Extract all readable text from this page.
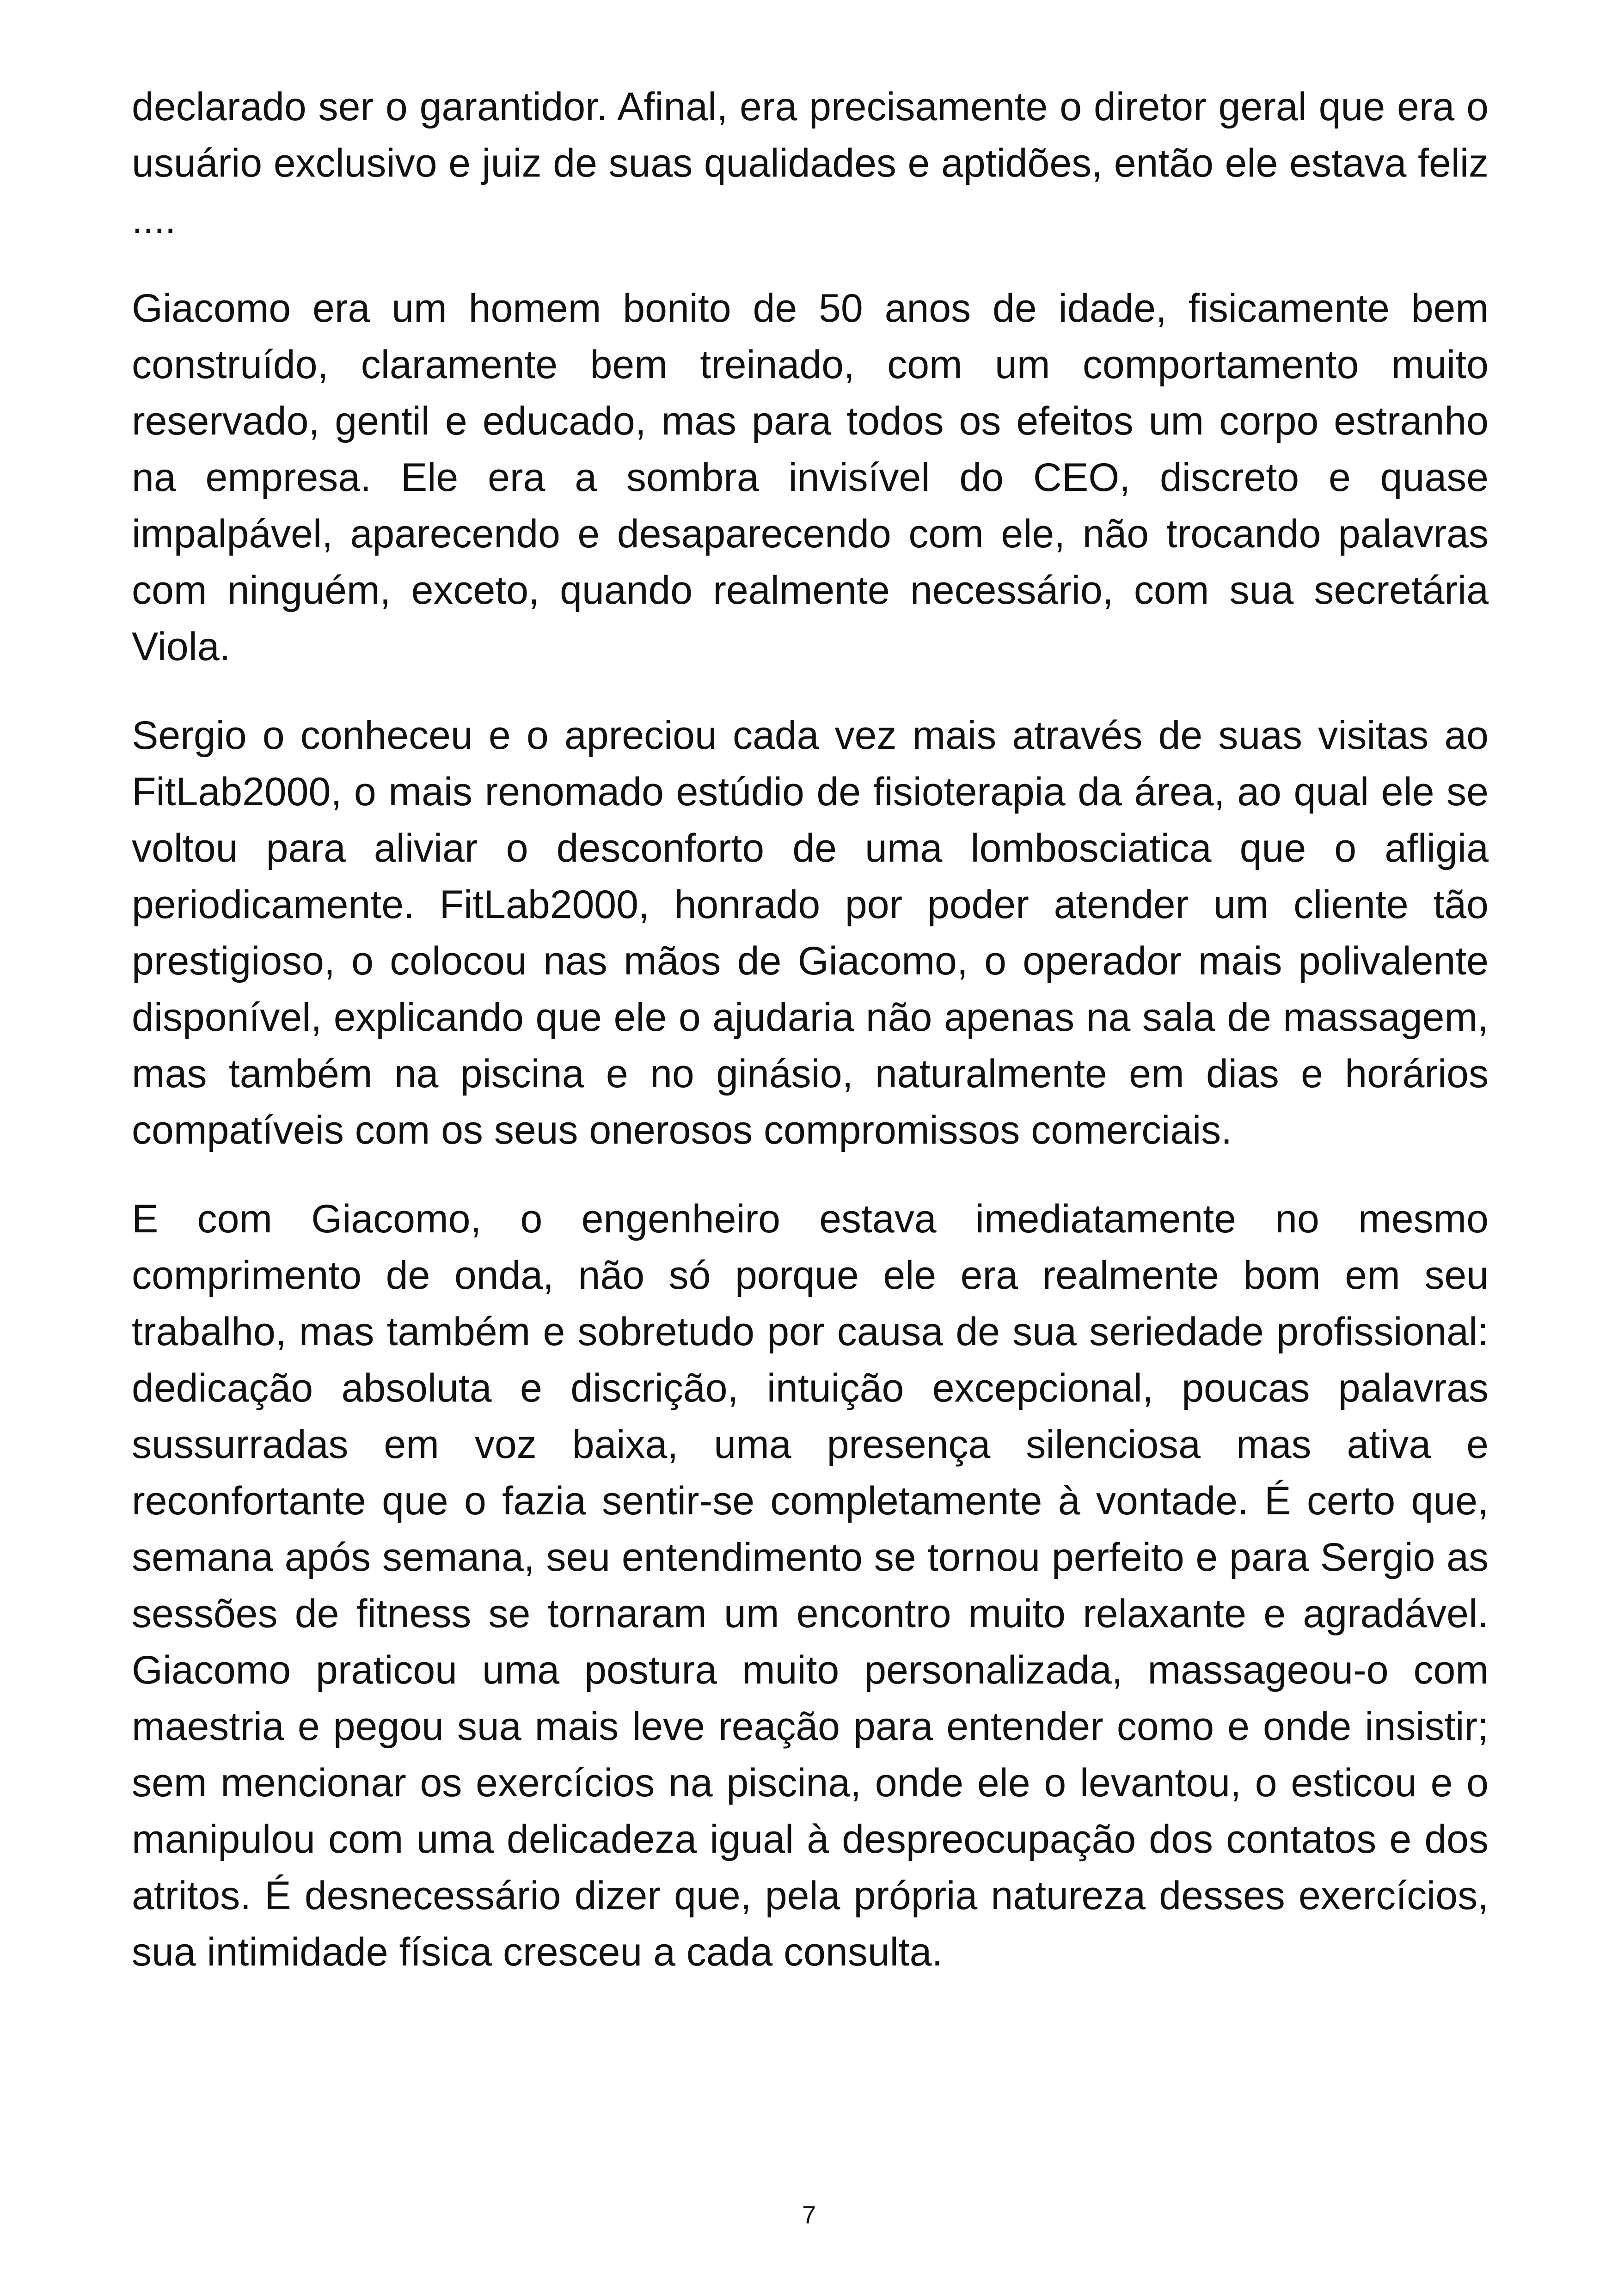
declarado ser o garantidor. Afinal, era precisamente o diretor geral que era o usuário exclusivo e juiz de suas qualidades e aptidões, então ele estava feliz ....

Giacomo era um homem bonito de 50 anos de idade, fisicamente bem construído, claramente bem treinado, com um comportamento muito reservado, gentil e educado, mas para todos os efeitos um corpo estranho na empresa. Ele era a sombra invisível do CEO, discreto e quase impalpável, aparecendo e desaparecendo com ele, não trocando palavras com ninguém, exceto, quando realmente necessário, com sua secretária Viola.

Sergio o conheceu e o apreciou cada vez mais através de suas visitas ao FitLab2000, o mais renomado estúdio de fisioterapia da área, ao qual ele se voltou para aliviar o desconforto de uma lombosciatica que o afligia periodicamente. FitLab2000, honrado por poder atender um cliente tão prestigioso, o colocou nas mãos de Giacomo, o operador mais polivalente disponível, explicando que ele o ajudaria não apenas na sala de massagem, mas também na piscina e no ginásio, naturalmente em dias e horários compatíveis com os seus onerosos compromissos comerciais.

E com Giacomo, o engenheiro estava imediatamente no mesmo comprimento de onda, não só porque ele era realmente bom em seu trabalho, mas também e sobretudo por causa de sua seriedade profissional: dedicação absoluta e discrição, intuição excepcional, poucas palavras sussurradas em voz baixa, uma presença silenciosa mas ativa e reconfortante que o fazia sentir-se completamente à vontade. É certo que, semana após semana, seu entendimento se tornou perfeito e para Sergio as sessões de fitness se tornaram um encontro muito relaxante e agradável. Giacomo praticou uma postura muito personalizada, massageou-o com maestria e pegou sua mais leve reação para entender como e onde insistir; sem mencionar os exercícios na piscina, onde ele o levantou, o esticou e o manipulou com uma delicadeza igual à despreocupação dos contatos e dos atritos. É desnecessário dizer que, pela própria natureza desses exercícios, sua intimidade física cresceu a cada consulta.

7
